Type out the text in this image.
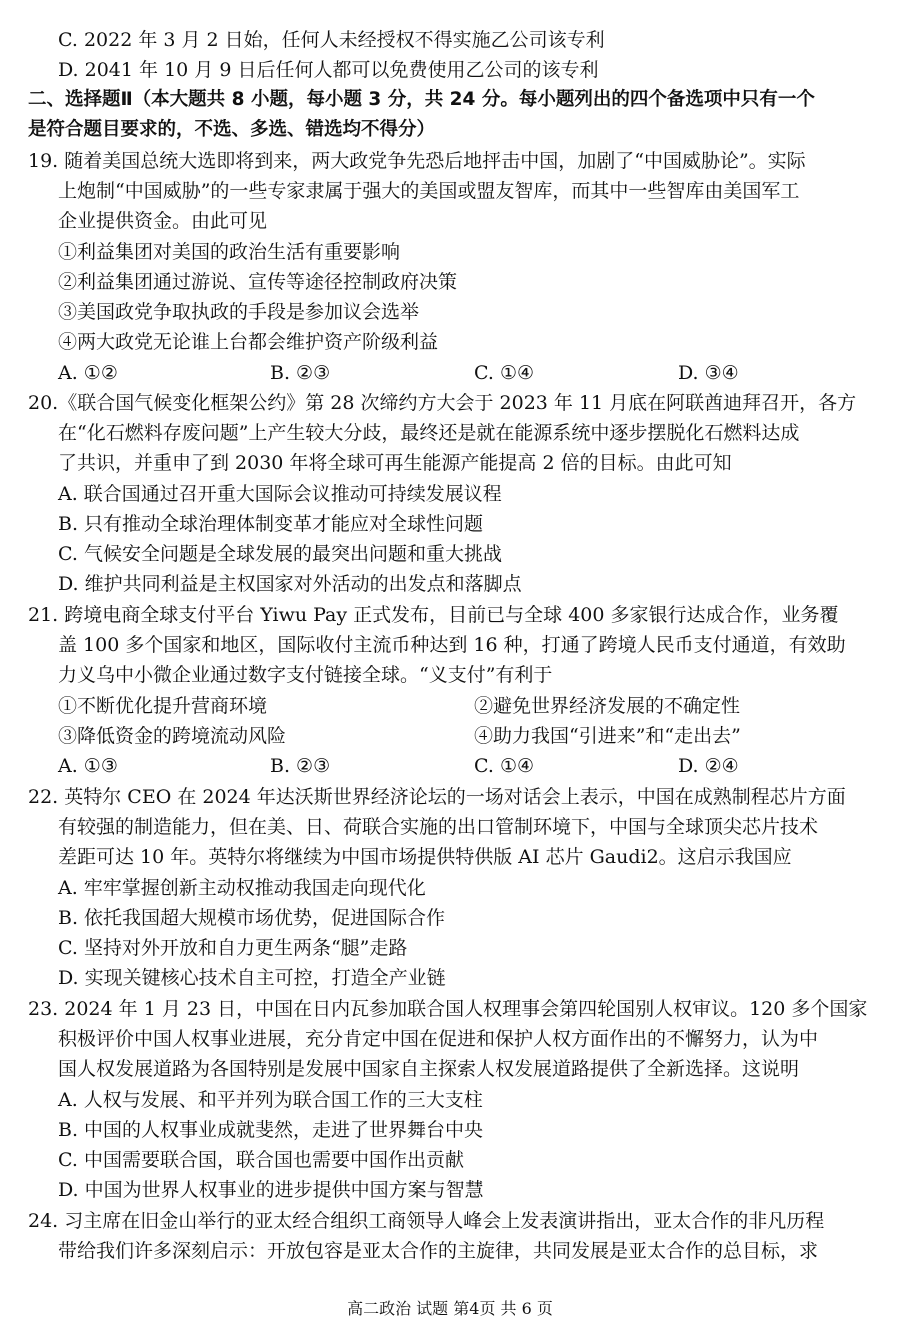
C. 2022 年 3 月 2 日始，任何人未经授权不得实施乙公司该专利
D. 2041 年 10 月 9 日后任何人都可以免费使用乙公司的该专利
二、选择题Ⅱ（本大题共 8 小题，每小题 3 分，共 24 分。每小题列出的四个备选项中只有一个
是符合题目要求的，不选、多选、错选均不得分）
19. 随着美国总统大选即将到来，两大政党争先恐后地抨击中国，加剧了“中国威胁论”。实际
上炮制“中国威胁”的一些专家隶属于强大的美国或盟友智库，而其中一些智库由美国军工
企业提供资金。由此可见
①利益集团对美国的政治生活有重要影响
②利益集团通过游说、宣传等途径控制政府决策
③美国政党争取执政的手段是参加议会选举
④两大政党无论谁上台都会维护资产阶级利益
A. ①②	B. ②③	C. ①④	D. ③④
20.《联合国气候变化框架公约》第 28 次缔约方大会于 2023 年 11 月底在阿联酋迪拜召开，各方
在“化石燃料存废问题”上产生较大分歧，最终还是就在能源系统中逐步摆脱化石燃料达成
了共识，并重申了到 2030 年将全球可再生能源产能提高 2 倍的目标。由此可知
A. 联合国通过召开重大国际会议推动可持续发展议程
B. 只有推动全球治理体制变革才能应对全球性问题
C. 气候安全问题是全球发展的最突出问题和重大挑战
D. 维护共同利益是主权国家对外活动的出发点和落脚点
21. 跨境电商全球支付平台 Yiwu Pay 正式发布，目前已与全球 400 多家银行达成合作，业务覆
盖 100 多个国家和地区，国际收付主流币种达到 16 种，打通了跨境人民币支付通道，有效助
力义乌中小微企业通过数字支付链接全球。“义支付”有利于
①不断优化提升营商环境	②避免世界经济发展的不确定性
③降低资金的跨境流动风险	④助力我国“引进来”和“走出去”
A. ①③	B. ②③	C. ①④	D. ②④
22. 英特尔 CEO 在 2024 年达沃斯世界经济论坛的一场对话会上表示，中国在成熟制程芯片方面
有较强的制造能力，但在美、日、荷联合实施的出口管制环境下，中国与全球顶尖芯片技术
差距可达 10 年。英特尔将继续为中国市场提供特供版 AI 芯片 Gaudi2。这启示我国应
A. 牢牢掌握创新主动权推动我国走向现代化
B. 依托我国超大规模市场优势，促进国际合作
C. 坚持对外开放和自力更生两条“腿”走路
D. 实现关键核心技术自主可控，打造全产业链
23. 2024 年 1 月 23 日，中国在日内瓦参加联合国人权理事会第四轮国别人权审议。120 多个国家
积极评价中国人权事业进展，充分肯定中国在促进和保护人权方面作出的不懈努力，认为中
国人权发展道路为各国特别是发展中国家自主探索人权发展道路提供了全新选择。这说明
A. 人权与发展、和平并列为联合国工作的三大支柱
B. 中国的人权事业成就斐然，走进了世界舞台中央
C. 中国需要联合国，联合国也需要中国作出贡献
D. 中国为世界人权事业的进步提供中国方案与智慧
24. 习主席在旧金山举行的亚太经合组织工商领导人峰会上发表演讲指出，亚太合作的非凡历程
带给我们许多深刻启示：开放包容是亚太合作的主旋律，共同发展是亚太合作的总目标，求
高二政治 试题 第4页 共 6 页
